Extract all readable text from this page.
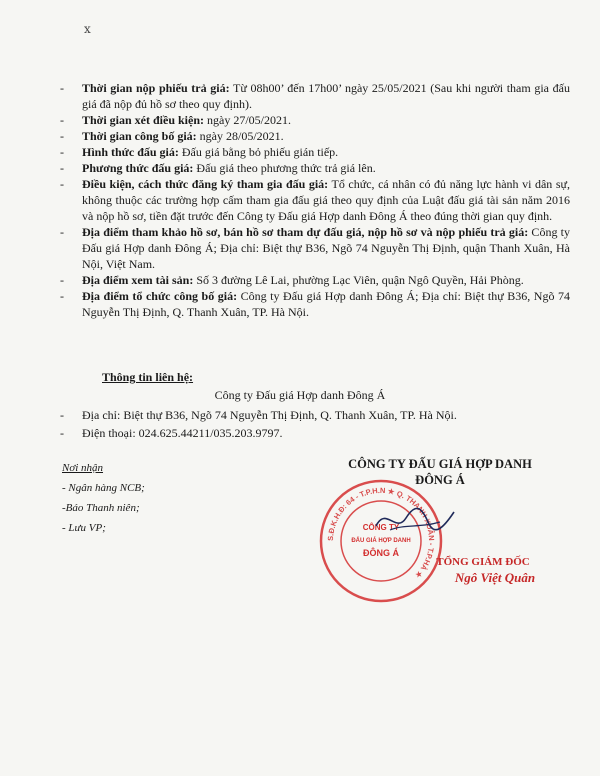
ⅹ
- Thời gian nộp phiếu trả giá: Từ 08h00’ đến 17h00’ ngày 25/05/2021 (Sau khi người tham gia đấu giá đã nộp đủ hồ sơ theo quy định).
- Thời gian xét điều kiện: ngày 27/05/2021.
- Thời gian công bố giá: ngày 28/05/2021.
- Hình thức đấu giá: Đấu giá bằng bỏ phiếu gián tiếp.
- Phương thức đấu giá: Đấu giá theo phương thức trả giá lên.
- Điều kiện, cách thức đăng ký tham gia đấu giá: Tổ chức, cá nhân có đủ năng lực hành vi dân sự, không thuộc các trường hợp cấm tham gia đấu giá theo quy định của Luật đấu giá tài sản năm 2016 và nộp hồ sơ, tiền đặt trước đến Công ty Đấu giá Hợp danh Đông Á theo đúng thời gian quy định.
- Địa điểm tham khảo hồ sơ, bán hồ sơ tham dự đấu giá, nộp hồ sơ và nộp phiếu trả giá: Công ty Đấu giá Hợp danh Đông Á; Địa chỉ: Biệt thự B36, Ngõ 74 Nguyễn Thị Định, quận Thanh Xuân, Hà Nội, Việt Nam.
- Địa điểm xem tài sản: Số 3 đường Lê Lai, phường Lạc Viên, quận Ngô Quyền, Hải Phòng.
- Địa điểm tổ chức công bố giá: Công ty Đấu giá Hợp danh Đông Á; Địa chỉ: Biệt thự B36, Ngõ 74 Nguyễn Thị Định, Q. Thanh Xuân, TP. Hà Nội.
Thông tin liên hệ:
Công ty Đấu giá Hợp danh Đông Á
- Địa chỉ: Biệt thự B36, Ngõ 74 Nguyễn Thị Định, Q. Thanh Xuân, TP. Hà Nội.
- Điện thoại: 024.625.44211/035.203.9797.
Nơi nhận
- Ngân hàng NCB;
-Báo Thanh niên;
- Lưu VP;
CÔNG TY ĐẤU GIÁ HỢP DANH
ĐÔNG Á
S.Đ.K.H.Đ: 64 - T.P.H.N ★ Q. THANH XUÂN - T.P.HÀ ★
CÔNG TY
ĐẤU GIÁ HỢP DANH
ĐÔNG Á
TỔNG GIÁM ĐỐC
Ngô Việt Quân
